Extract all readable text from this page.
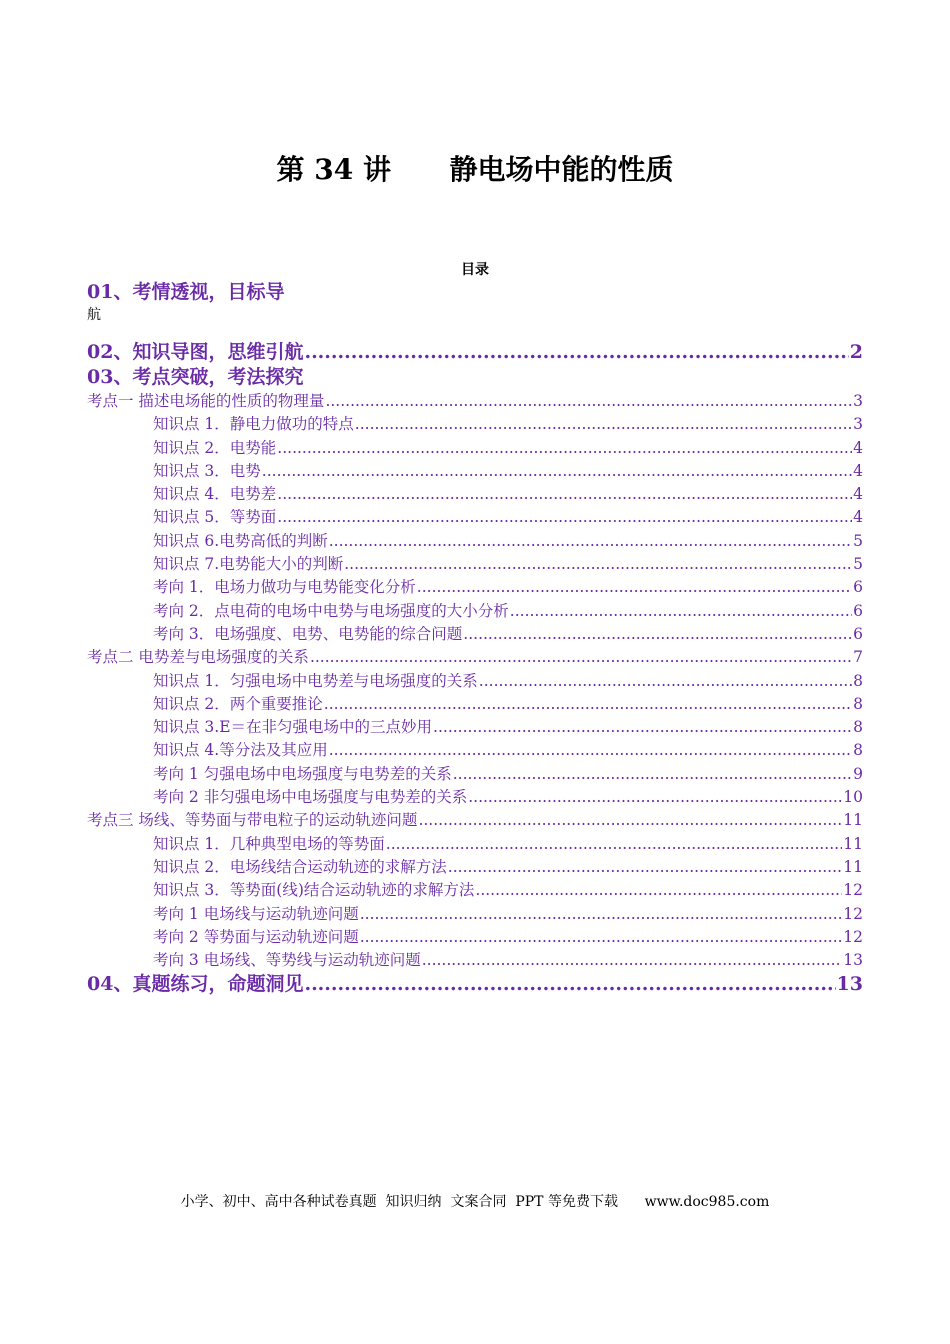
第 34 讲      静电场中能的性质
目录
01、考情透视，目标导
航
02、知识导图，思维引航 .....	2
03、考点突破，考法探究
考点一 描述电场能的性质的物理量 .....	3
知识点 1．静电力做功的特点 .....	3
知识点 2．电势能 .....	4
知识点 3．电势 .....	4
知识点 4．电势差 .....	4
知识点 5．等势面 .....	4
知识点 6.电势高低的判断 .....	5
知识点 7.电势能大小的判断 .....	5
考向 1．电场力做功与电势能变化分析 .....	6
考向 2．点电荷的电场中电势与电场强度的大小分析 .....	6
考向 3．电场强度、电势、电势能的综合问题 .....	6
考点二 电势差与电场强度的关系 .....	7
知识点 1．匀强电场中电势差与电场强度的关系 .....	8
知识点 2．两个重要推论 .....	8
知识点 3.E＝在非匀强电场中的三点妙用 .....	8
知识点 4.等分法及其应用 .....	8
考向 1 匀强电场中电场强度与电势差的关系 .....	9
考向 2 非匀强电场中电场强度与电势差的关系 .....	10
考点三 场线、等势面与带电粒子的运动轨迹问题 .....	11
知识点 1．几种典型电场的等势面 .....	11
知识点 2．电场线结合运动轨迹的求解方法 .....	11
知识点 3．等势面(线)结合运动轨迹的求解方法 .....	12
考向 1 电场线与运动轨迹问题 .....	12
考向 2 等势面与运动轨迹问题 .....	12
考向 3 电场线、等势线与运动轨迹问题 .....	13
04、真题练习，命题洞见 .....	13
小学、初中、高中各种试卷真题  知识归纳  文案合同  PPT 等免费下载      www.doc985.com
